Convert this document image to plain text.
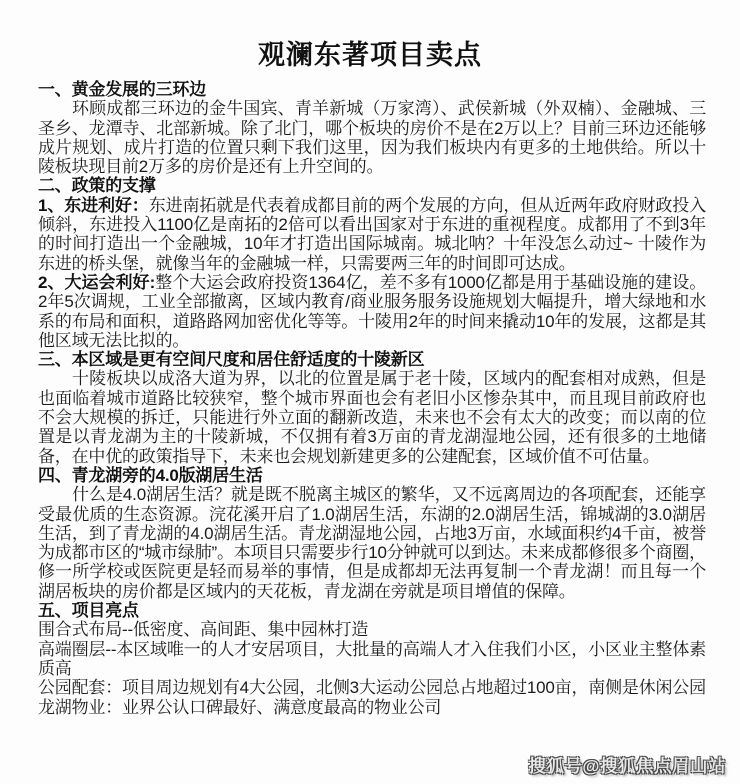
观澜东著项目卖点
一、黄金发展的三环边

环顾成都三环边的金牛国宾、青羊新城（万家湾）、武侯新城（外双楠）、金融城、三圣乡、龙潭寺、北部新城。除了北门，哪个板块的房价不是在2万以上？目前三环边还能够成片规划、成片打造的位置只剩下我们这里，因为我们板块内有更多的土地供给。所以十陵板块现目前2万多的房价是还有上升空间的。

二、政策的支撑

1、东进利好：东进南拓就是代表着成都目前的两个发展的方向，但从近两年政府财政投入倾斜，东进投入1100亿是南拓的2倍可以看出国家对于东进的重视程度。成都用了不到3年的时间打造出一个金融城，10年才打造出国际城南。城北呐？十年没怎么动过~ 十陵作为东进的桥头堡，就像当年的金融城一样，只需要两三年的时间即可达成。

2、大运会利好:整个大运会政府投资1364亿，差不多有1000亿都是用于基础设施的建设。2年5次调规，工业全部撤离，区域内教育/商业服务服务设施规划大幅提升，增大绿地和水系的布局和面积，道路路网加密优化等等。十陵用2年的时间来撬动10年的发展，这都是其他区域无法比拟的。

三、本区域是更有空间尺度和居住舒适度的十陵新区

十陵板块以成洛大道为界，以北的位置是属于老十陵，区域内的配套相对成熟，但是也面临着城市道路比较狭窄，整个城市界面也会有老旧小区惨杂其中，而且现目前政府也不会大规模的拆迁，只能进行外立面的翻新改造，未来也不会有太大的改变；而以南的位置是以青龙湖为主的十陵新城，不仅拥有着3万亩的青龙湖湿地公园，还有很多的土地储备，在中优的政策指导下，未来也会规划新建更多的公建配套，区域价值不可估量。

四、青龙湖旁的4.0版湖居生活

什么是4.0湖居生活？就是既不脱离主城区的繁华，又不远离周边的各项配套，还能享受最优质的生态资源。浣花溪开启了1.0湖居生活，东湖的2.0湖居生活，锦城湖的3.0湖居生活，到了青龙湖的4.0湖居生活。青龙湖湿地公园，占地3万亩，水域面积约4千亩，被誉为成都市区的“城市绿肺”。本项目只需要步行10分钟就可以到达。未来成都修很多个商圈，修一所学校或医院更是轻而易举的事情，但是成都却无法再复制一个青龙湖！而且每一个湖居板块的房价都是区域内的天花板，青龙湖在旁就是项目增值的保障。

五、项目亮点

围合式布局--低密度、高间距、集中园林打造

高端圈层--本区域唯一的人才安居项目，大批量的高端人才入住我们小区，小区业主整体素质高

公园配套：项目周边规划有4大公园，北侧3大运动公园总占地超过100亩，南侧是休闲公园

龙湖物业：业界公认口碑最好、满意度最高的物业公司

搜狐号@搜狐焦点眉山站
